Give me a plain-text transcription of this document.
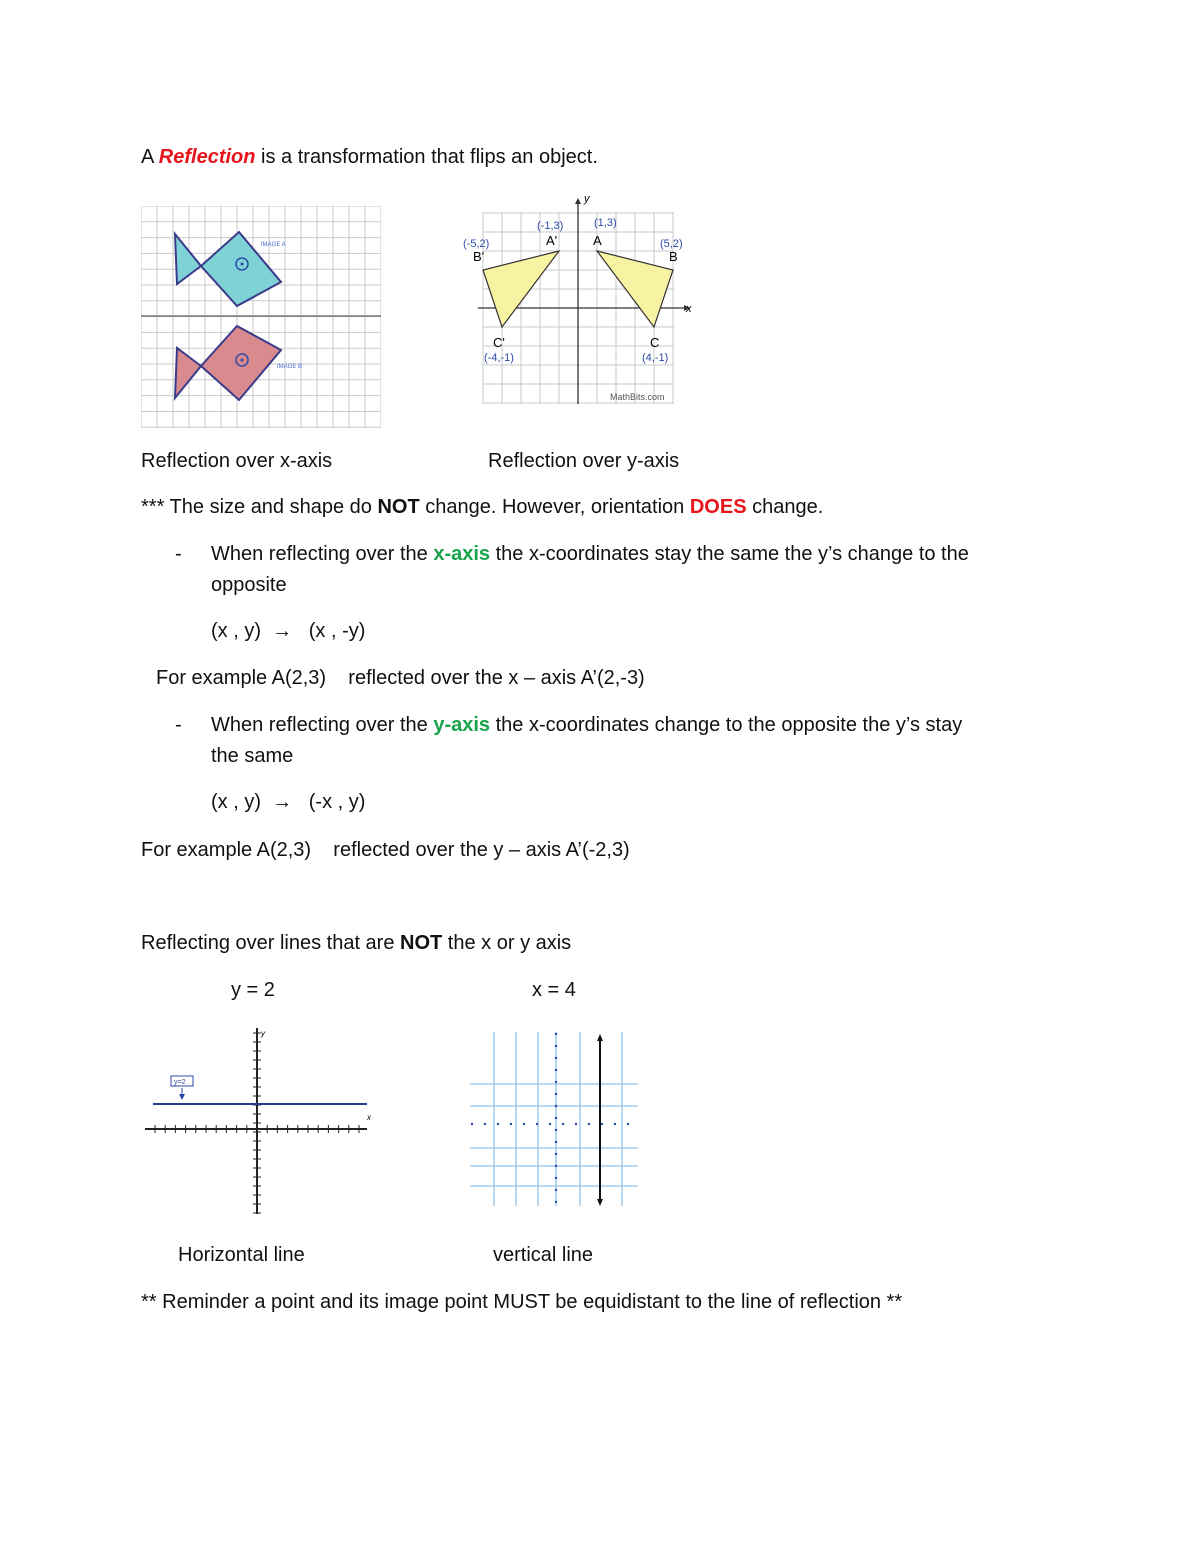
A Reflection is a transformation that flips an object.
IMAGE A
IMAGE B
x
y
A
(1,3)
B
(5,2)
C
(4,-1)
A'
(-1,3)
B'
(-5,2)
C'
(-4,-1)
MathBits.com
Reflection over x-axis	Reflection over y-axis
*** The size and shape do NOT change. However, orientation DOES change.
- When reflecting over the x-axis the x-coordinates stay the same the y’s change to the
opposite
(x , y)  →   (x , -y)
For example A(2,3)    reflected over the x – axis A’(2,-3)
- When reflecting over the y-axis the x-coordinates change to the opposite the y’s stay
the same
(x , y)  →   (-x , y)
For example A(2,3)    reflected over the y – axis A’(-2,3)
Reflecting over lines that are NOT the x or y axis
y = 2	x = 4
x
y
y=2
Horizontal line	vertical line
** Reminder a point and its image point MUST be equidistant to the line of reflection **
